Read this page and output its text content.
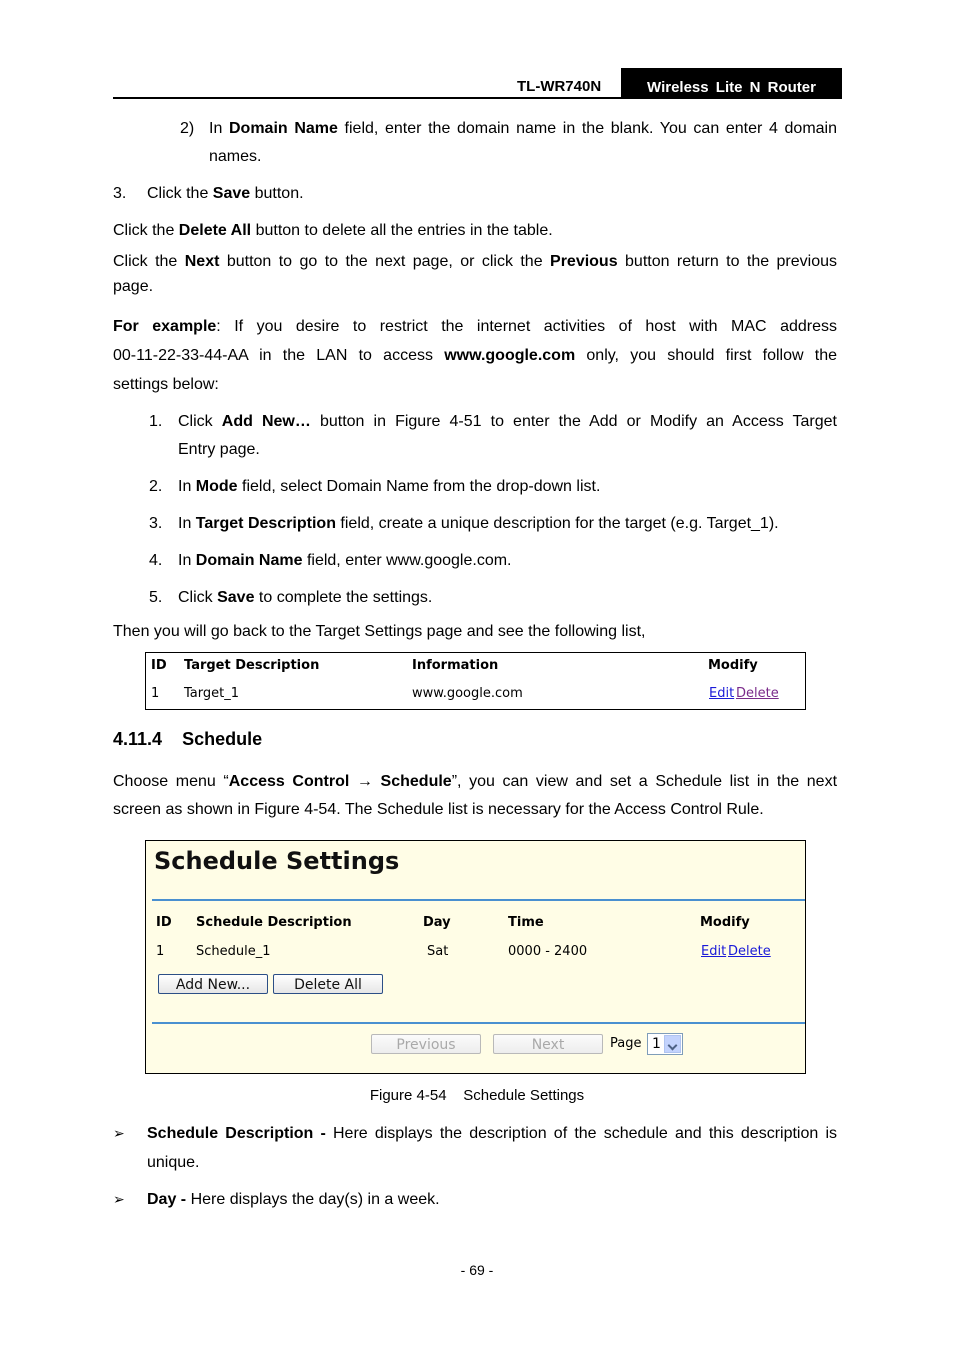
TL-WR740N	Wireless Lite N Router
2) In Domain Name field, enter the domain name in the blank. You can enter 4 domain
names.
3. Click the Save button.
Click the Delete All button to delete all the entries in the table.
Click the Next button to go to the next page, or click the Previous button return to the previous
page.
For example: If you desire to restrict the internet activities of host with MAC address
00-11-22-33-44-AA in the LAN to access www.google.com only, you should first follow the
settings below:
1. Click Add New… button in Figure 4-51 to enter the Add or Modify an Access Target
Entry page.
2. In Mode field, select Domain Name from the drop-down list.
3. In Target Description field, create a unique description for the target (e.g. Target_1).
4. In Domain Name field, enter www.google.com.
5. Click Save to complete the settings.
Then you will go back to the Target Settings page and see the following list,
ID Target Description	Information	Modify
1 Target_1	www.google.com	Edit Delete
4.11.4 Schedule
Choose menu “Access Control → Schedule”, you can view and set a Schedule list in the next
screen as shown in Figure 4-54. The Schedule list is necessary for the Access Control Rule.
Schedule Settings
ID Schedule Description	Day	Time	Modify
1 Schedule_1	Sat	0000 - 2400	Edit Delete
Add New...	Delete All
Previous	Next	Page 1
Figure 4-54    Schedule Settings
➢ Schedule Description - Here displays the description of the schedule and this description is
unique.
➢ Day - Here displays the day(s) in a week.
- 69 -
